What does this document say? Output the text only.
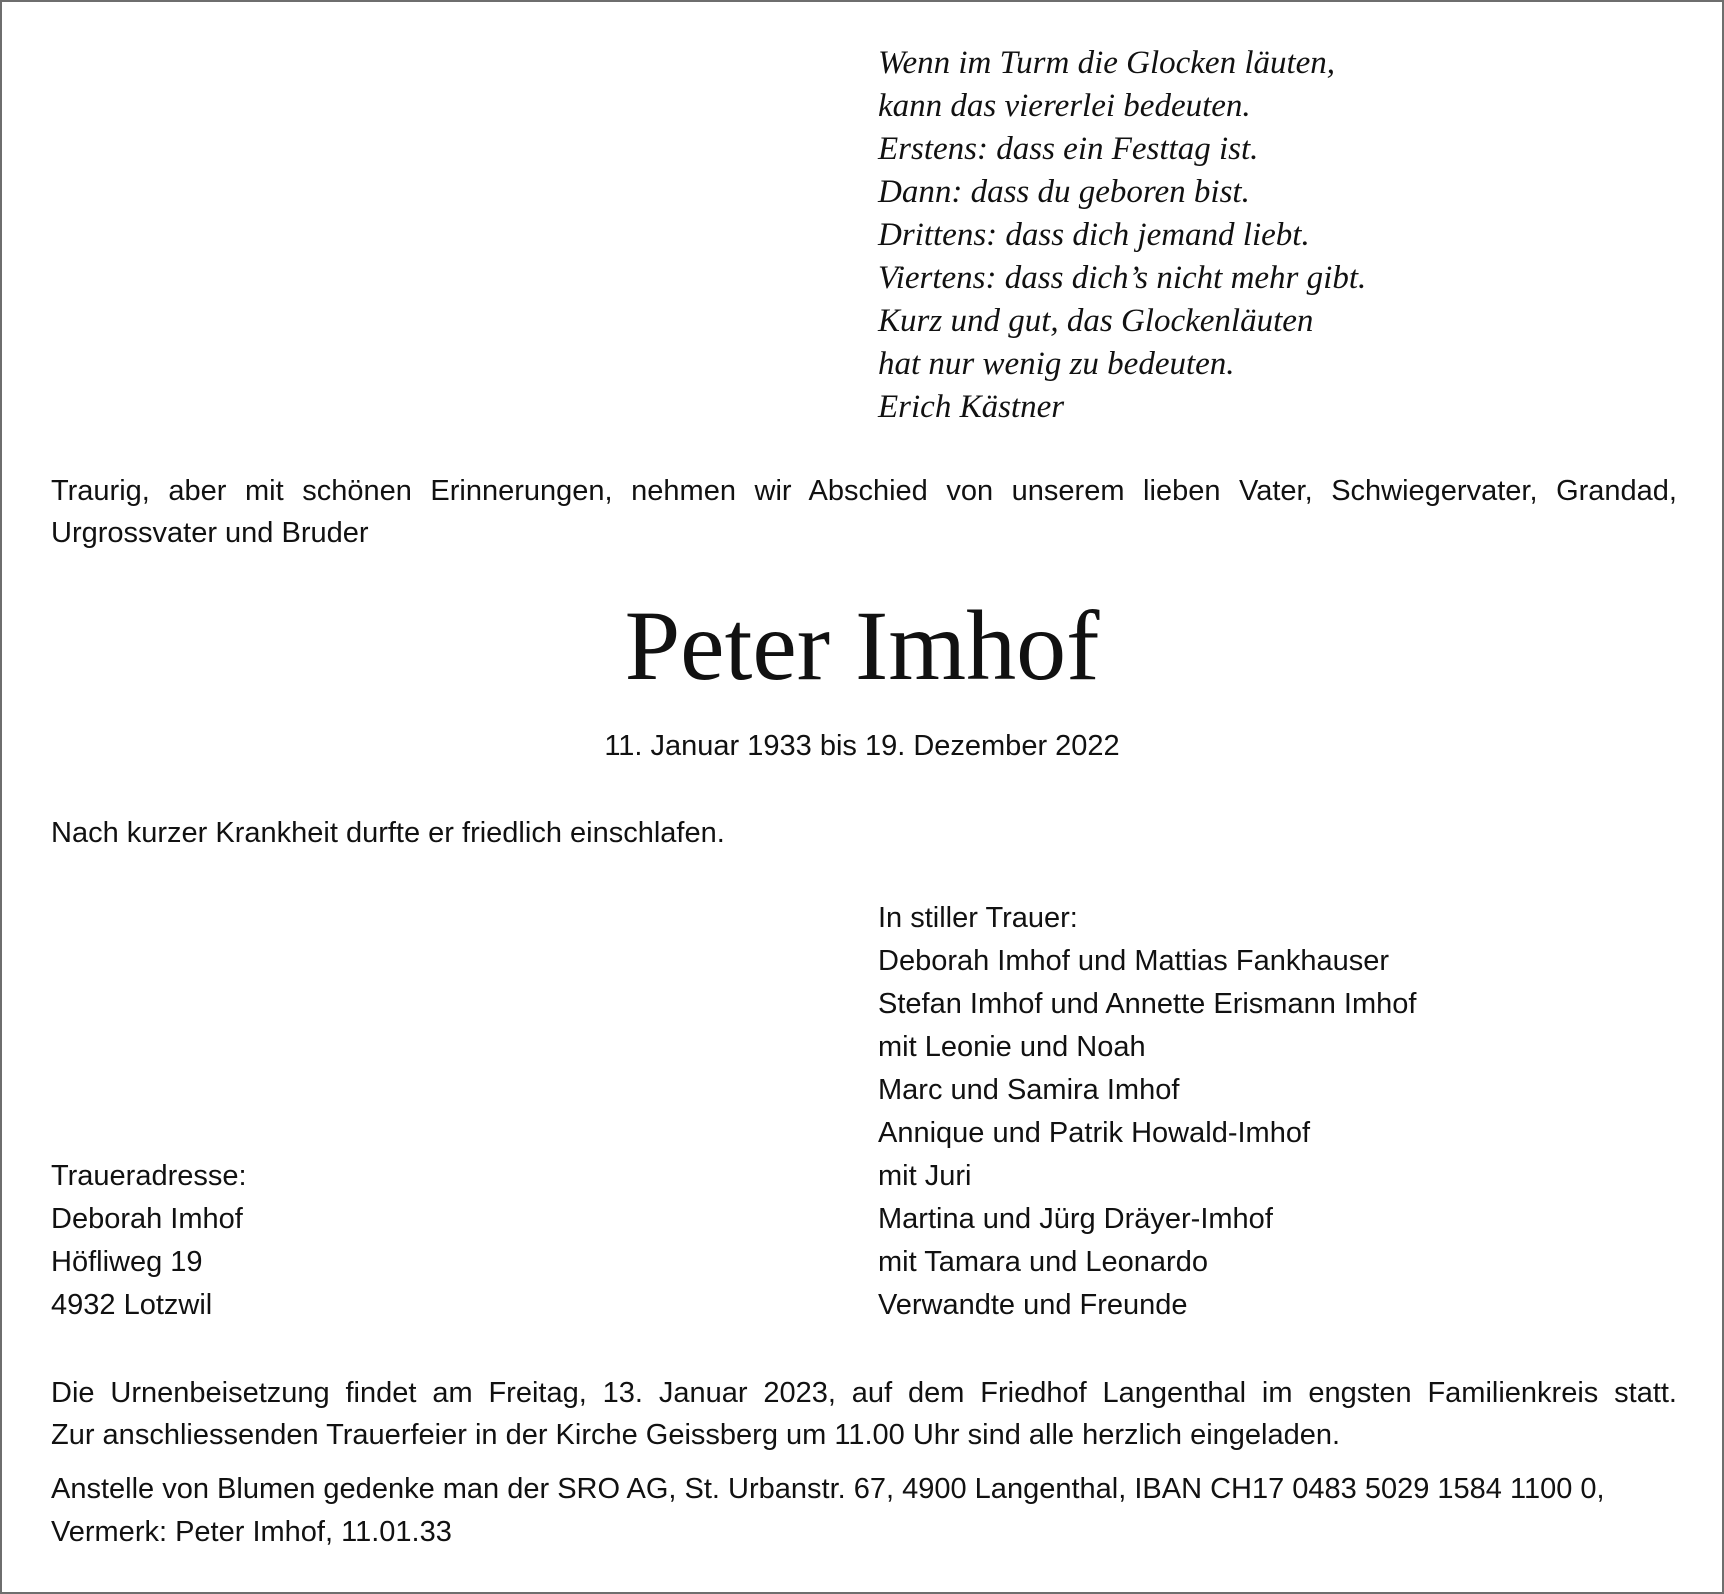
Wenn im Turm die Glocken läuten,
kann das viererlei bedeuten.
Erstens: dass ein Festtag ist.
Dann: dass du geboren bist.
Drittens: dass dich jemand liebt.
Viertens: dass dich’s nicht mehr gibt.
Kurz und gut, das Glockenläuten
hat nur wenig zu bedeuten.
Erich Kästner
Traurig, aber mit schönen Erinnerungen, nehmen wir Abschied von unserem lieben Vater, Schwiegervater, Grandad, Urgrossvater und Bruder
Peter Imhof
11. Januar 1933 bis 19. Dezember 2022
Nach kurzer Krankheit durfte er friedlich einschlafen.
In stiller Trauer:
Deborah Imhof und Mattias Fankhauser
Stefan Imhof und Annette Erismann Imhof
mit Leonie und Noah
Marc und Samira Imhof
Annique und Patrik Howald-Imhof
mit Juri
Martina und Jürg Dräyer-Imhof
mit Tamara und Leonardo
Verwandte und Freunde
Traueradresse:
Deborah Imhof
Höfliweg 19
4932 Lotzwil
Die Urnenbeisetzung findet am Freitag, 13. Januar 2023, auf dem Friedhof Langenthal im engsten Familienkreis statt.
Zur anschliessenden Trauerfeier in der Kirche Geissberg um 11.00 Uhr sind alle herzlich eingeladen.
Anstelle von Blumen gedenke man der SRO AG, St. Urbanstr. 67, 4900 Langenthal, IBAN CH17 0483 5029 1584 1100 0,
Vermerk: Peter Imhof, 11.01.33
